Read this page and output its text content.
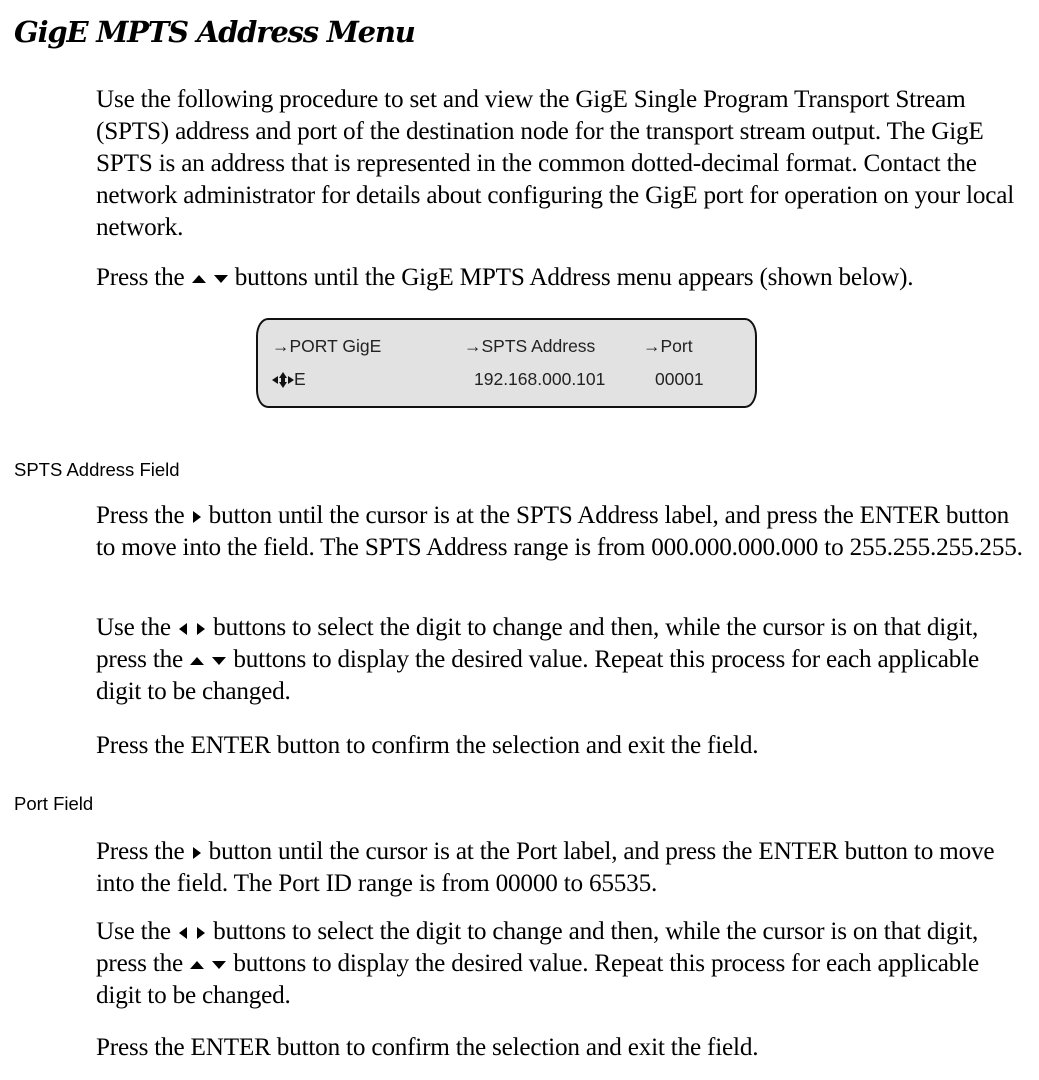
GigE MPTS Address Menu

Use the following procedure to set and view the GigE Single Program Transport Stream (SPTS) address and port of the destination node for the transport stream output. The GigE SPTS is an address that is represented in the common dotted-decimal format. Contact the network administrator for details about configuring the GigE port for operation on your local network.

Press the
buttons until the GigE MPTS Address menu appears (shown below).

→PORT GigE	→SPTS Address	→Port
E	192.168.000.101	00001
SPTS Address Field

Press the button until the cursor is at the SPTS Address label, and press the ENTER button to move into the field. The SPTS Address range is from 000.000.000.000 to 255.255.255.255.

Use the
buttons to select the digit to change and then, while the cursor is on that digit, press the
buttons to display the desired value. Repeat this process for each applicable digit to be changed.

Press the ENTER button to confirm the selection and exit the field.

Port Field

Press the button until the cursor is at the Port label, and press the ENTER button to move into the field. The Port ID range is from 00000 to 65535.

Use the
buttons to select the digit to change and then, while the cursor is on that digit, press the
buttons to display the desired value. Repeat this process for each applicable digit to be changed.

Press the ENTER button to confirm the selection and exit the field.
